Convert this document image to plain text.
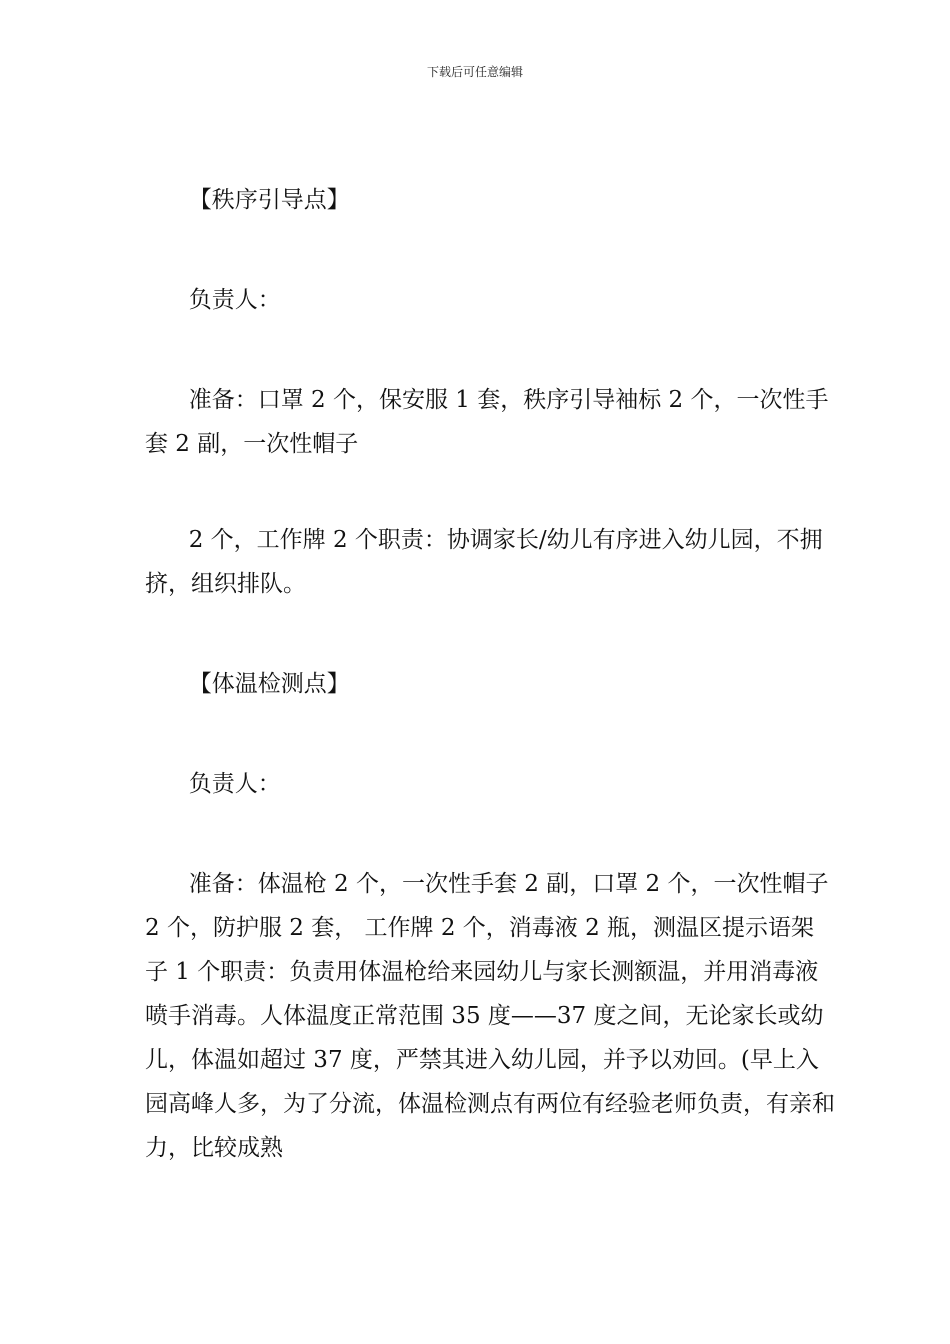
下载后可任意编辑

【秩序引导点】

负责人：

准备：口罩 2 个，保安服 1 套，秩序引导袖标 2 个，一次性手套 2 副，一次性帽子

2 个，工作牌 2 个职责：协调家长/幼儿有序进入幼儿园，不拥挤，组织排队。

【体温检测点】

负责人：

准备：体温枪 2 个，一次性手套 2 副，口罩 2 个，一次性帽子 2 个，防护服 2 套， 工作牌 2 个，消毒液 2 瓶，测温区提示语架子 1 个职责：负责用体温枪给来园幼儿与家长测额温，并用消毒液喷手消毒。人体温度正常范围 35 度——37 度之间，无论家长或幼儿，体温如超过 37 度，严禁其进入幼儿园，并予以劝回。(早上入园高峰人多，为了分流，体温检测点有两位有经验老师负责，有亲和力，比较成熟
